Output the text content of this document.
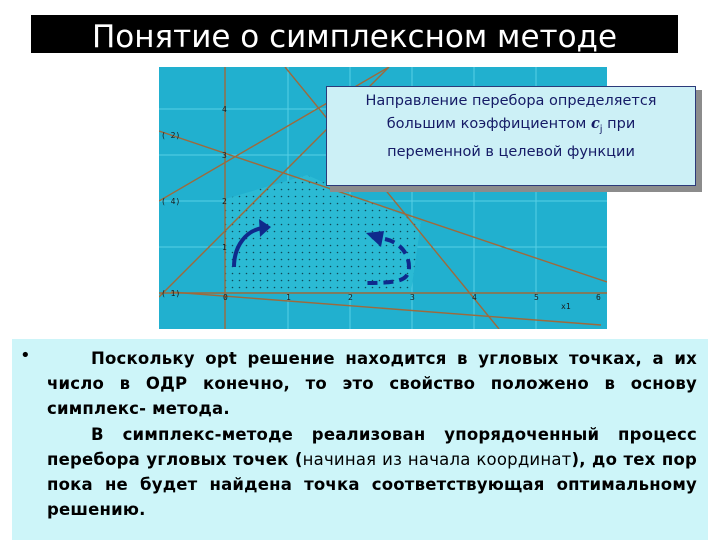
Понятие о симплексном методе
4
3
2
1
0	1	2	3	4	5	6
x1
( 2)
( 4)
( 1)
Направление перебора определяется
большим коэффициентом $c_j$ при
переменной в целевой функции
•	Поскольку opt решение находится в угловых точках, а их число в ОДР конечно, то это свойство положено в основу симплекс- метода.
В симплекс-методе реализован упорядоченный процесс перебора угловых точек (начиная из начала координат), до тех пор пока не будет найдена точка соответствующая оптимальному решению.
